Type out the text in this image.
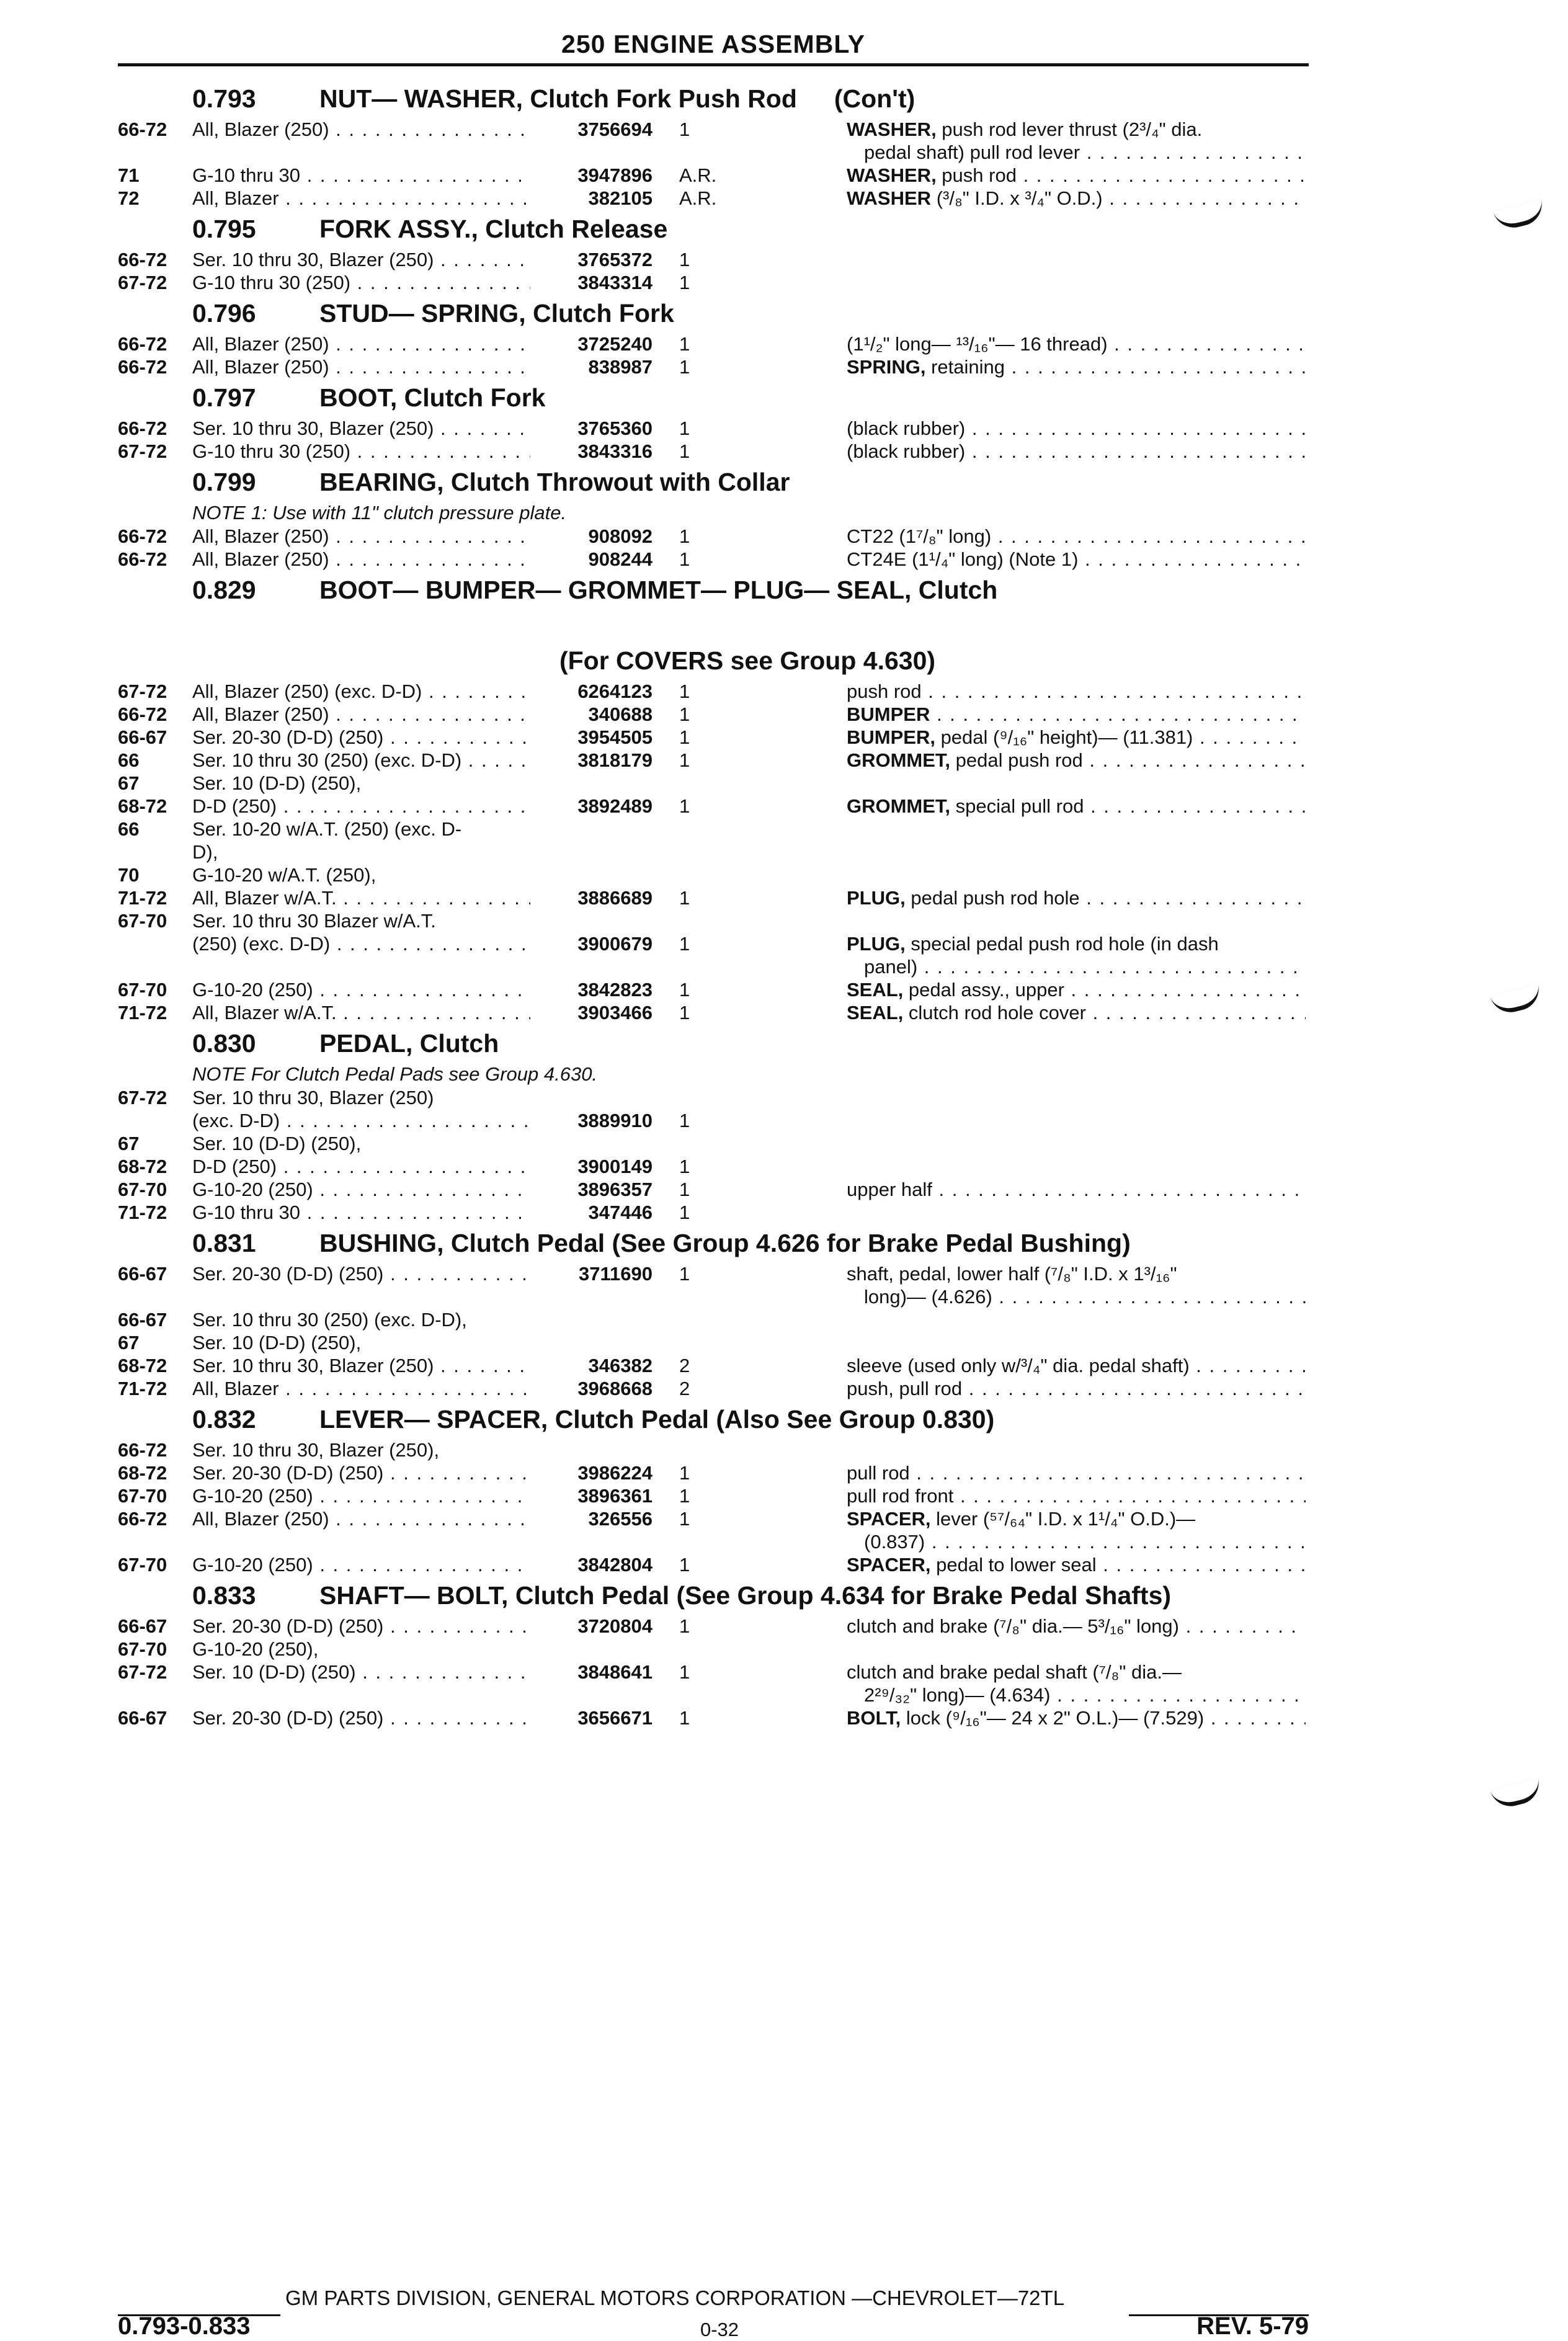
250 ENGINE ASSEMBLY
0.793	NUT— WASHER, Clutch Fork Push Rod (Con't)
66-72 All, Blazer (250) . . .	3756694 1	WASHER, push rod lever thrust (2³/₄" dia.
pedal shaft) pull rod lever . . .
71	G-10 thru 30 . . .	3947896 A.R.	WASHER, push rod . . .
72	All, Blazer . . .	382105 A.R.	WASHER (³/₈" I.D. x ³/₄" O.D.) . . .
0.795	FORK ASSY., Clutch Release
66-72 Ser. 10 thru 30, Blazer (250) . . .	3765372 1
67-72 G-10 thru 30 (250) . . .	3843314 1
0.796	STUD— SPRING, Clutch Fork
66-72 All, Blazer (250) . . .	3725240 1	(1¹/₂" long— ¹³/₁₆"— 16 thread) . . .
66-72 All, Blazer (250) . . .	838987 1	SPRING, retaining . . .
0.797	BOOT, Clutch Fork
66-72 Ser. 10 thru 30, Blazer (250) . . .	3765360 1	(black rubber) . . .
67-72 G-10 thru 30 (250) . . .	3843316 1	(black rubber) . . .
0.799	BEARING, Clutch Throwout with Collar
NOTE 1: Use with 11" clutch pressure plate.
66-72 All, Blazer (250) . . .	908092 1	CT22 (1⁷/₈" long) . . .
66-72 All, Blazer (250) . . .	908244 1	CT24E (1¹/₄" long) (Note 1) . . .
0.829	BOOT— BUMPER— GROMMET— PLUG— SEAL, Clutch
(For COVERS see Group 4.630)
67-72 All, Blazer (250) (exc. D-D) . . .	6264123 1	push rod . . .
66-72 All, Blazer (250) . . .	340688 1	BUMPER . . .
66-67 Ser. 20-30 (D-D) (250) . . .	3954505 1	BUMPER, pedal (⁹/₁₆" height)— (11.381) . . .
66	Ser. 10 thru 30 (250) (exc. D-D) . . .	3818179 1	GROMMET, pedal push rod . . .
67	Ser. 10 (D-D) (250),
68-72 D-D (250) . . .	3892489 1	GROMMET, special pull rod . . .
66	Ser. 10-20 w/A.T. (250) (exc. D-
D),
70	G-10-20 w/A.T. (250),
71-72 All, Blazer w/A.T. . . .	3886689 1	PLUG, pedal push rod hole . . .
67-70 Ser. 10 thru 30 Blazer w/A.T.
(250) (exc. D-D) . . .	3900679 1	PLUG, special pedal push rod hole (in dash
panel) . . .
67-70 G-10-20 (250) . . .	3842823 1	SEAL, pedal assy., upper . . .
71-72 All, Blazer w/A.T. . . .	3903466 1	SEAL, clutch rod hole cover . . .
0.830	PEDAL, Clutch
NOTE For Clutch Pedal Pads see Group 4.630.
67-72 Ser. 10 thru 30, Blazer (250)
(exc. D-D) . . .	3889910 1
67	Ser. 10 (D-D) (250),
68-72 D-D (250) . . .	3900149 1
67-70 G-10-20 (250) . . .	3896357 1	upper half . . .
71-72 G-10 thru 30 . . .	347446 1
0.831	BUSHING, Clutch Pedal (See Group 4.626 for Brake Pedal Bushing)
66-67 Ser. 20-30 (D-D) (250) . . .	3711690 1	shaft, pedal, lower half (⁷/₈" I.D. x 1³/₁₆"
long)— (4.626) . . .
66-67 Ser. 10 thru 30 (250) (exc. D-D),
67	Ser. 10 (D-D) (250),
68-72 Ser. 10 thru 30, Blazer (250) . . .	346382 2	sleeve (used only w/³/₄" dia. pedal shaft) . . .
71-72 All, Blazer . . .	3968668 2	push, pull rod . . .
0.832	LEVER— SPACER, Clutch Pedal (Also See Group 0.830)
66-72 Ser. 10 thru 30, Blazer (250),
68-72 Ser. 20-30 (D-D) (250) . . .	3986224 1	pull rod . . .
67-70 G-10-20 (250) . . .	3896361 1	pull rod front . . .
66-72 All, Blazer (250) . . .	326556 1	SPACER, lever (⁵⁷/₆₄" I.D. x 1¹/₄" O.D.)—
(0.837) . . .
67-70 G-10-20 (250) . . .	3842804 1	SPACER, pedal to lower seal . . .
0.833	SHAFT— BOLT, Clutch Pedal (See Group 4.634 for Brake Pedal Shafts)
66-67 Ser. 20-30 (D-D) (250) . . .	3720804 1	clutch and brake (⁷/₈" dia.— 5³/₁₆" long) . . .
67-70 G-10-20 (250),
67-72 Ser. 10 (D-D) (250) . . .	3848641 1	clutch and brake pedal shaft (⁷/₈" dia.—
2²⁹/₃₂" long)— (4.634) . . .
66-67 Ser. 20-30 (D-D) (250) . . .	3656671 1	BOLT, lock (⁹/₁₆"— 24 x 2" O.L.)— (7.529) . . .
GM PARTS DIVISION, GENERAL MOTORS CORPORATION —CHEVROLET—72TL
0.793-0.833	0-32	REV. 5-79
